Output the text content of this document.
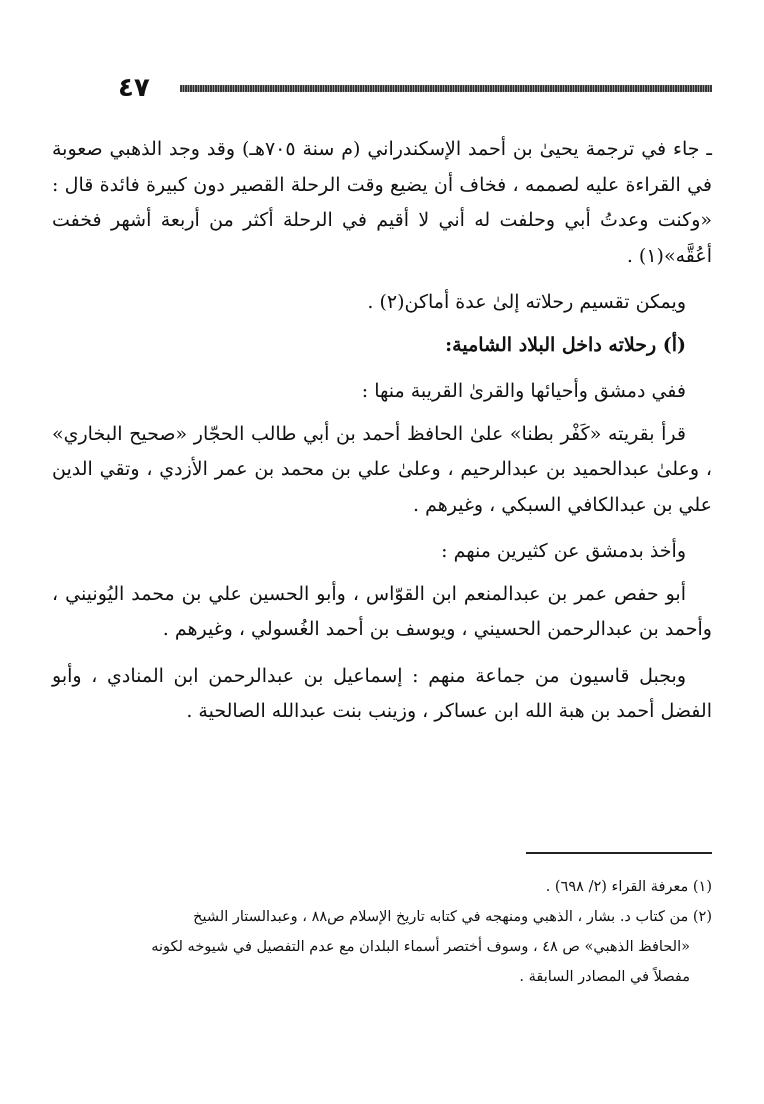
٤٧

ـ جاء في ترجمة يحيىٰ بن أحمد الإسكندراني (م سنة ٧٠٥هـ) وقد وجد الذهبي صعوبة في القراءة عليه لصممه ، فخاف أن يضيع وقت الرحلة القصير دون كبيرة فائدة قال : «وكنت وعدتُ أبي وحلفت له أني لا أقيم في الرحلة أكثر من أربعة أشهر فخفت أعُقَّه»(١) .

ويمكن تقسيم رحلاته إلىٰ عدة أماكن(٢) .

(أ) رحلاته داخل البلاد الشامية:

ففي دمشق وأحيائها والقرىٰ القريبة منها :

قرأ بقريته «كَفْر بطنا» علىٰ الحافظ أحمد بن أبي طالب الحجّار «صحيح البخاري» ، وعلىٰ عبدالحميد بن عبدالرحيم ، وعلىٰ علي بن محمد بن عمر الأزدي ، وتقي الدين علي بن عبدالكافي السبكي ، وغيرهم .

وأخذ بدمشق عن كثيرين منهم :

أبو حفص عمر بن عبدالمنعم ابن القوّاس ، وأبو الحسين علي بن محمد اليُونيني ، وأحمد بن عبدالرحمن الحسيني ، ويوسف بن أحمد الغُسولي ، وغيرهم .

وبجبل قاسيون من جماعة منهم : إسماعيل بن عبدالرحمن ابن المنادي ، وأبو الفضل أحمد بن هبة الله ابن عساكر ، وزينب بنت عبدالله الصالحية .

(١) معرفة القراء (٢/ ٦٩٨) .

(٢) من كتاب د. بشار ، الذهبي ومنهجه في كتابه تاريخ الإسلام ص٨٨ ، وعبدالستار الشيخ

«الحافظ الذهبي» ص ٤٨ ، وسوف أختصر أسماء البلدان مع عدم التفصيل في شيوخه لكونه

مفصلاً في المصادر السابقة .
